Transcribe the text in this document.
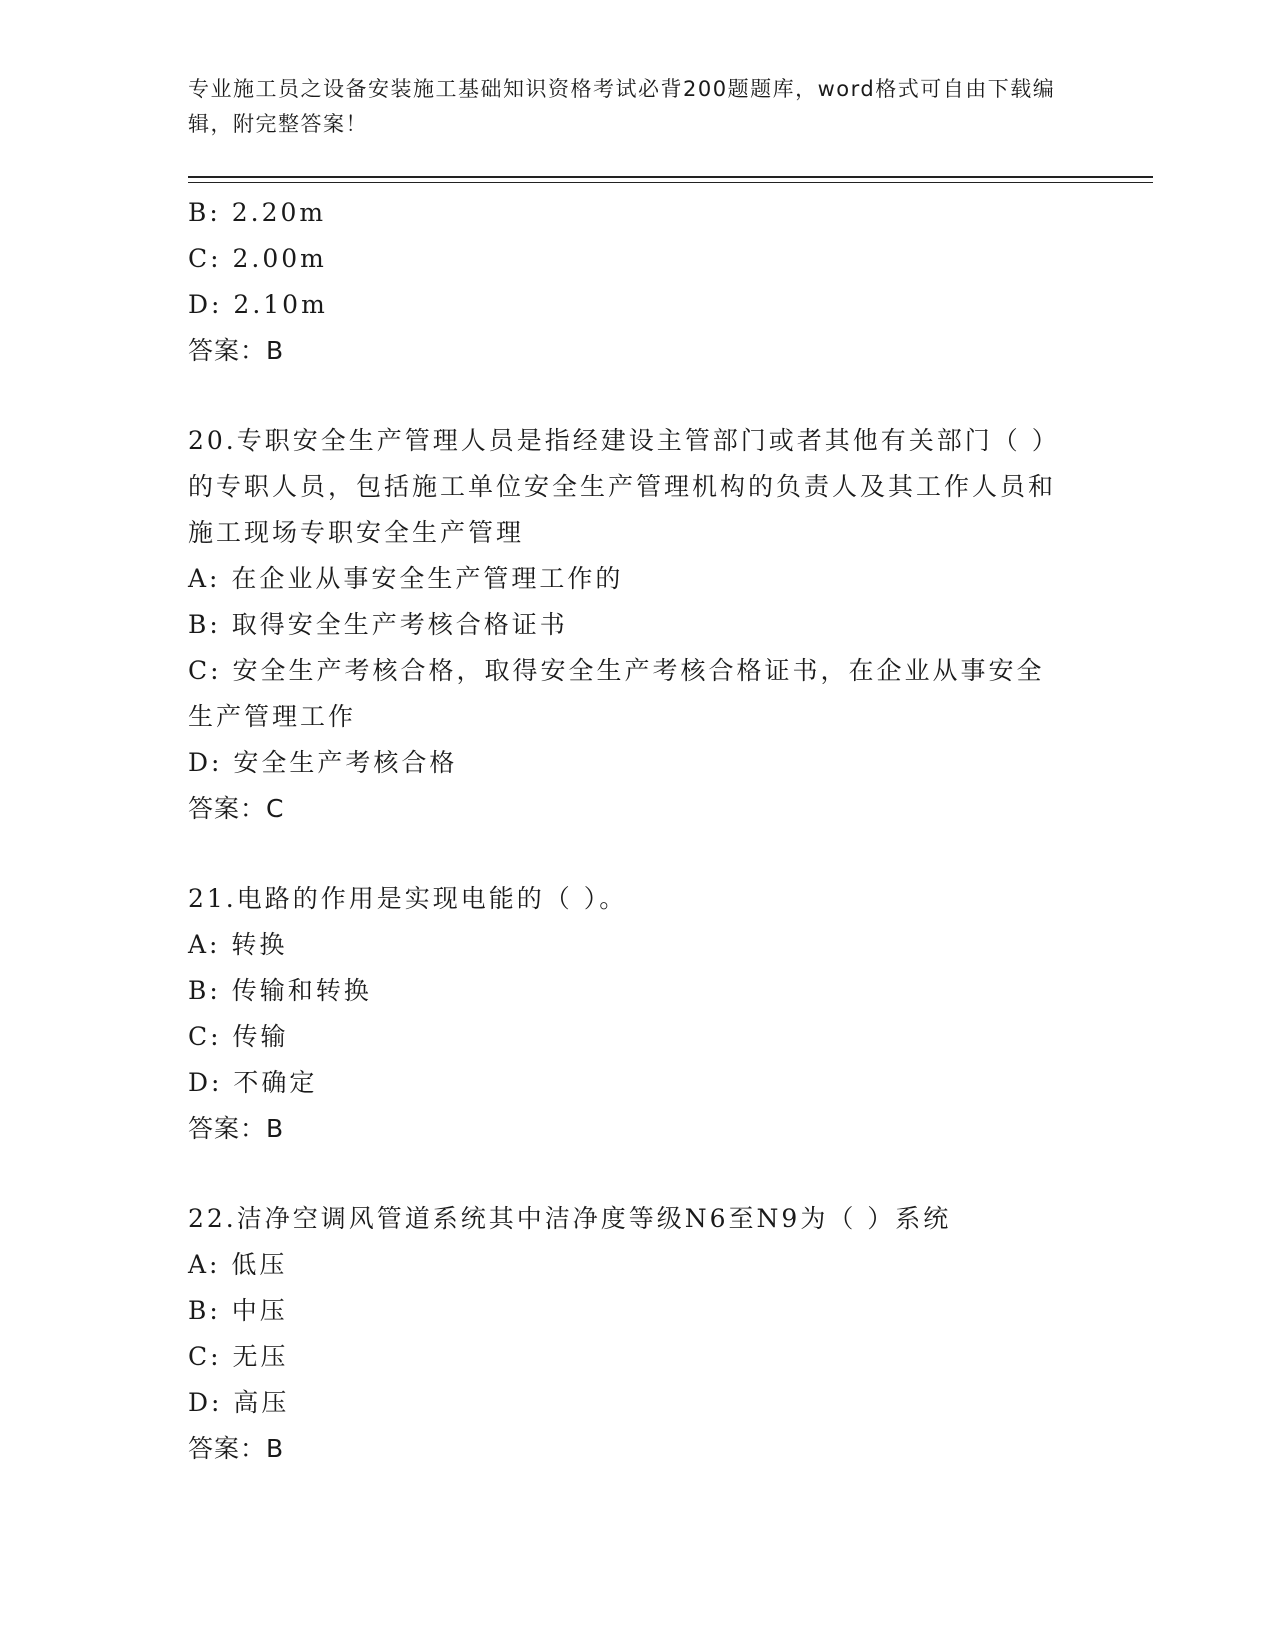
专业施工员之设备安装施工基础知识资格考试必背200题题库，word格式可自由下载编辑，附完整答案！
B: 2.20m
C: 2.00m
D: 2.10m
答案：B
20.专职安全生产管理人员是指经建设主管部门或者其他有关部门（ ）的专职人员，包括施工单位安全生产管理机构的负责人及其工作人员和施工现场专职安全生产管理
A: 在企业从事安全生产管理工作的
B: 取得安全生产考核合格证书
C: 安全生产考核合格，取得安全生产考核合格证书，在企业从事安全生产管理工作
D: 安全生产考核合格
答案：C
21.电路的作用是实现电能的（ ）。
A: 转换
B: 传输和转换
C: 传输
D: 不确定
答案：B
22.洁净空调风管道系统其中洁净度等级N6至N9为（ ）系统
A: 低压
B: 中压
C: 无压
D: 高压
答案：B
